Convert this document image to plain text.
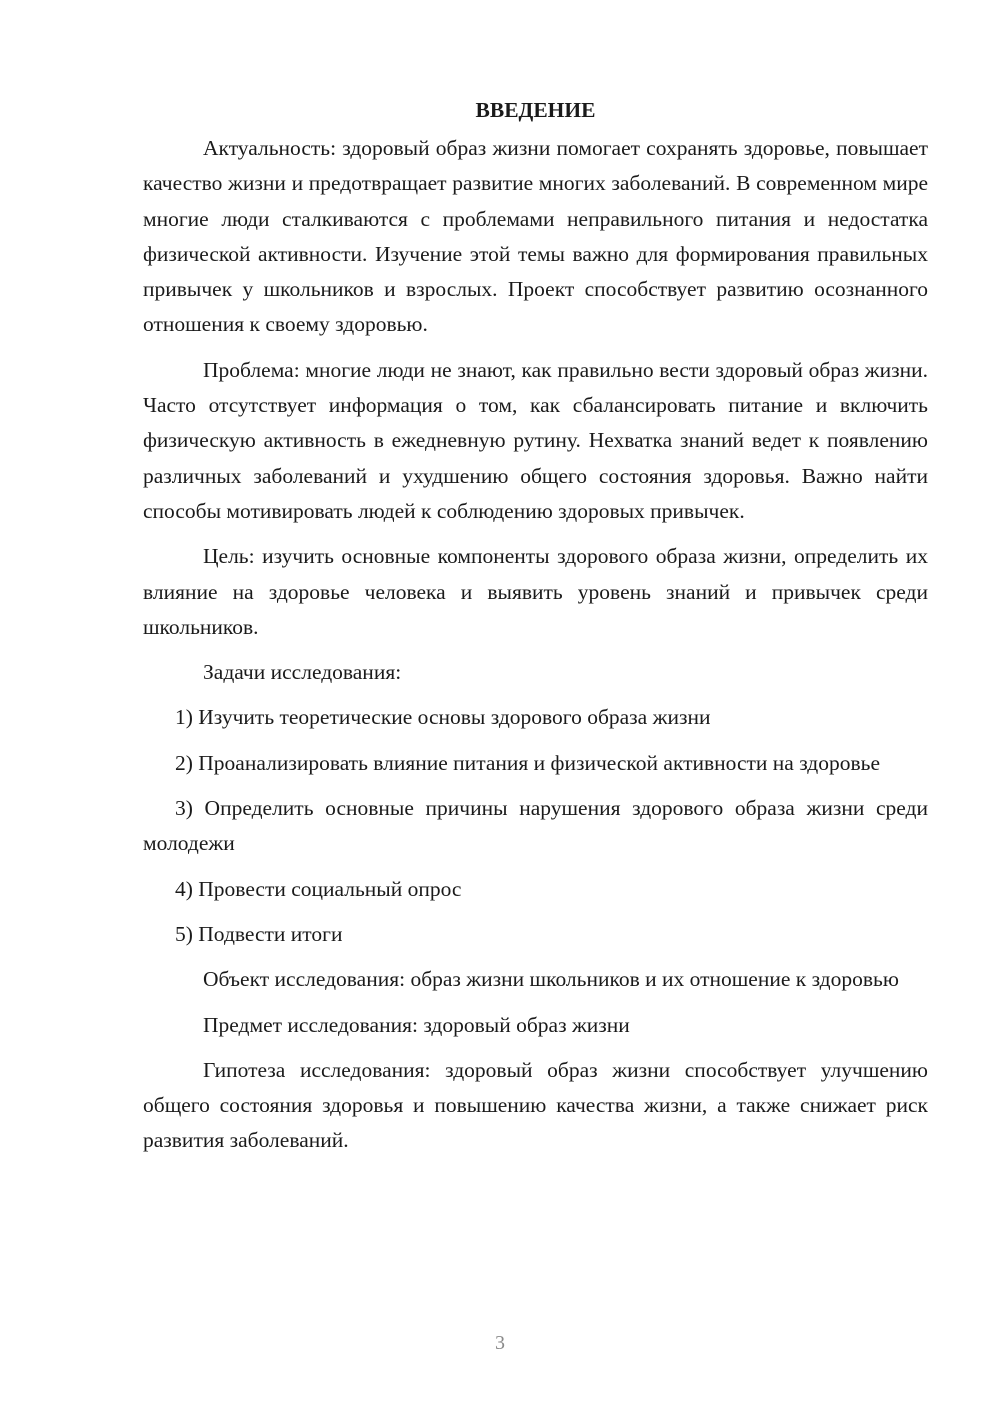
ВВЕДЕНИЕ

Актуальность: здоровый образ жизни помогает сохранять здоровье, повышает качество жизни и предотвращает развитие многих заболеваний. В современном мире многие люди сталкиваются с проблемами неправильного питания и недостатка физической активности. Изучение этой темы важно для формирования правильных привычек у школьников и взрослых. Проект способствует развитию осознанного отношения к своему здоровью.

Проблема: многие люди не знают, как правильно вести здоровый образ жизни. Часто отсутствует информация о том, как сбалансировать питание и включить физическую активность в ежедневную рутину. Нехватка знаний ведет к появлению различных заболеваний и ухудшению общего состояния здоровья. Важно найти способы мотивировать людей к соблюдению здоровых привычек.

Цель: изучить основные компоненты здорового образа жизни, определить их влияние на здоровье человека и выявить уровень знаний и привычек среди школьников.

Задачи исследования:

1) Изучить теоретические основы здорового образа жизни

2) Проанализировать влияние питания и физической активности на здоровье

3) Определить основные причины нарушения здорового образа жизни среди молодежи

4) Провести социальный опрос

5) Подвести итоги

Объект исследования: образ жизни школьников и их отношение к здоровью

Предмет исследования: здоровый образ жизни

Гипотеза исследования: здоровый образ жизни способствует улучшению общего состояния здоровья и повышению качества жизни, а также снижает риск развития заболеваний.

3
